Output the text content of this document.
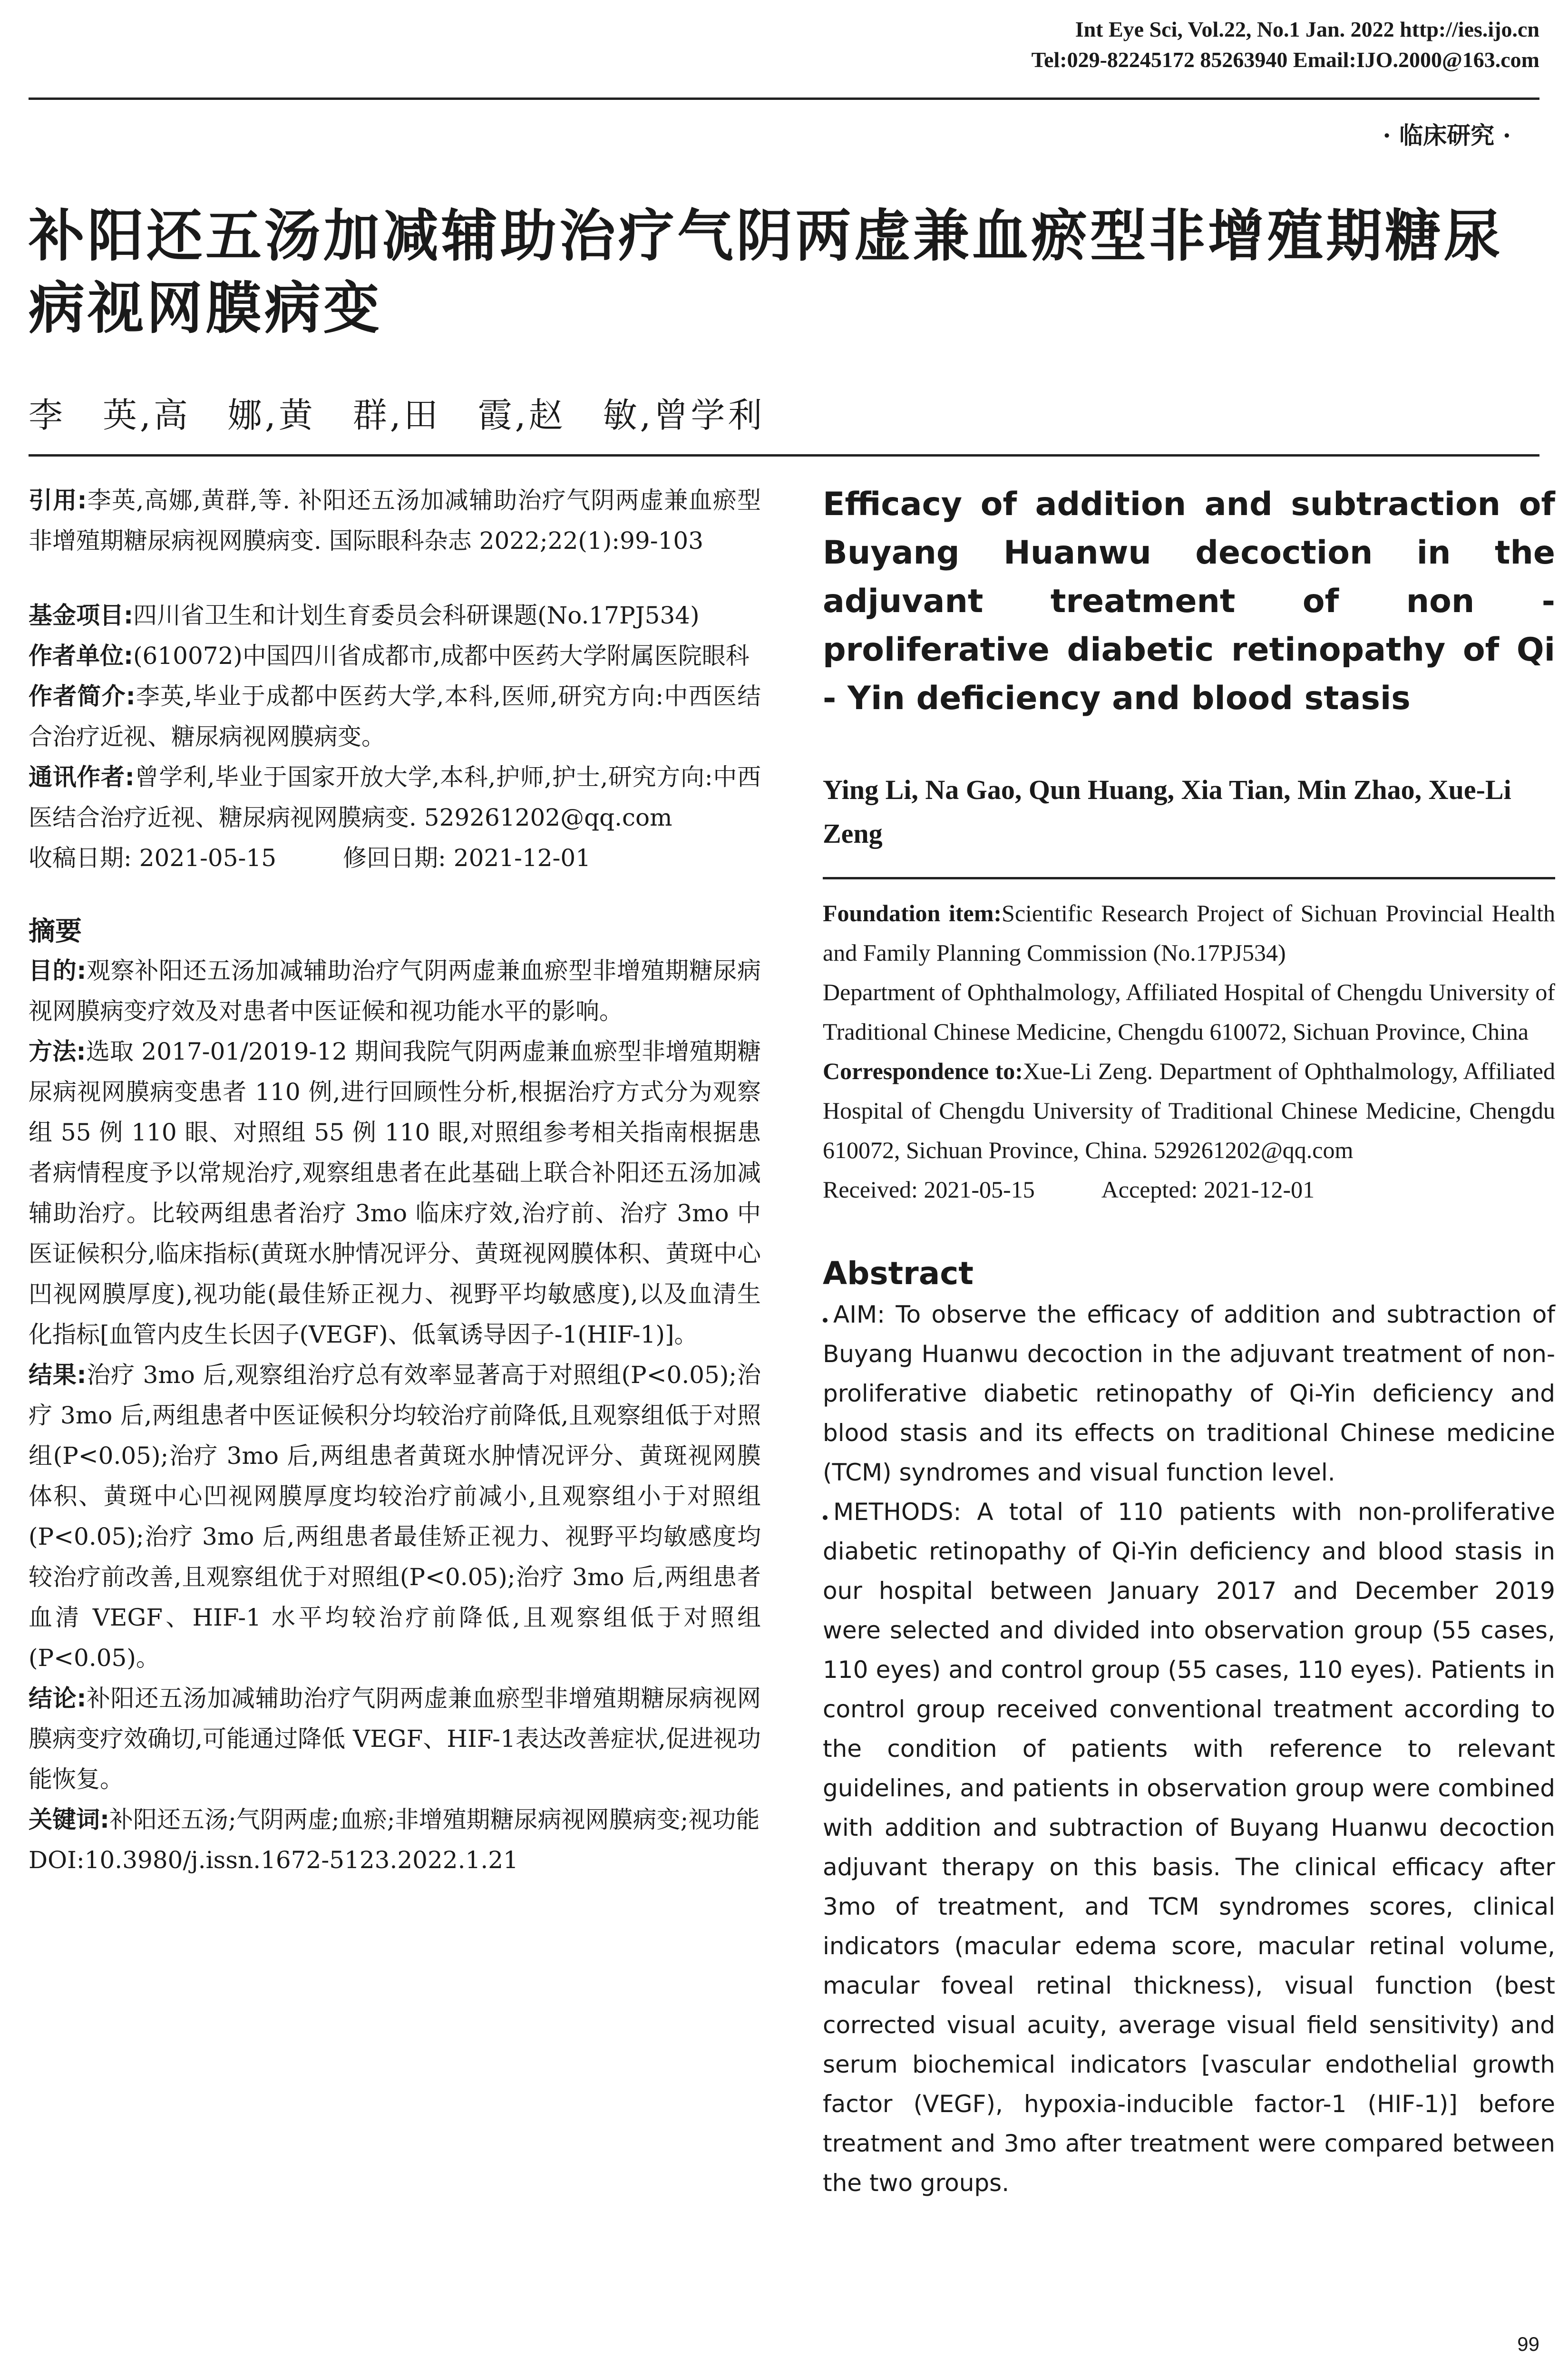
Int Eye Sci, Vol.22, No.1 Jan. 2022 http://ies.ijo.cn
Tel:029-82245172 85263940 Email:IJO.2000@163.com
· 临床研究 ·
补阳还五汤加减辅助治疗气阴两虚兼血瘀型非增殖期糖尿病视网膜病变
李　英,高　娜,黄　群,田　霞,赵　敏,曾学利

引用:李英,高娜,黄群,等. 补阳还五汤加减辅助治疗气阴两虚兼血瘀型非增殖期糖尿病视网膜病变. 国际眼科杂志 2022;22(1):99-103

基金项目:四川省卫生和计划生育委员会科研课题(No.17PJ534)

作者单位:(610072)中国四川省成都市,成都中医药大学附属医院眼科

作者简介:李英,毕业于成都中医药大学,本科,医师,研究方向:中西医结合治疗近视、糖尿病视网膜病变。

通讯作者:曾学利,毕业于国家开放大学,本科,护师,护士,研究方向:中西医结合治疗近视、糖尿病视网膜病变. 529261202@qq.com

收稿日期: 2021-05-15	修回日期: 2021-12-01
摘要

目的:观察补阳还五汤加减辅助治疗气阴两虚兼血瘀型非增殖期糖尿病视网膜病变疗效及对患者中医证候和视功能水平的影响。

方法:选取 2017-01/2019-12 期间我院气阴两虚兼血瘀型非增殖期糖尿病视网膜病变患者 110 例,进行回顾性分析,根据治疗方式分为观察组 55 例 110 眼、对照组 55 例 110 眼,对照组参考相关指南根据患者病情程度予以常规治疗,观察组患者在此基础上联合补阳还五汤加减辅助治疗。比较两组患者治疗 3mo 临床疗效,治疗前、治疗 3mo 中医证候积分,临床指标(黄斑水肿情况评分、黄斑视网膜体积、黄斑中心凹视网膜厚度),视功能(最佳矫正视力、视野平均敏感度),以及血清生化指标[血管内皮生长因子(VEGF)、低氧诱导因子-1(HIF-1)]。

结果:治疗 3mo 后,观察组治疗总有效率显著高于对照组(P<0.05);治疗 3mo 后,两组患者中医证候积分均较治疗前降低,且观察组低于对照组(P<0.05);治疗 3mo 后,两组患者黄斑水肿情况评分、黄斑视网膜体积、黄斑中心凹视网膜厚度均较治疗前减小,且观察组小于对照组(P<0.05);治疗 3mo 后,两组患者最佳矫正视力、视野平均敏感度均较治疗前改善,且观察组优于对照组(P<0.05);治疗 3mo 后,两组患者血清 VEGF、HIF-1 水平均较治疗前降低,且观察组低于对照组(P<0.05)。

结论:补阳还五汤加减辅助治疗气阴两虚兼血瘀型非增殖期糖尿病视网膜病变疗效确切,可能通过降低 VEGF、HIF-1表达改善症状,促进视功能恢复。

关键词:补阳还五汤;气阴两虚;血瘀;非增殖期糖尿病视网膜病变;视功能

DOI:10.3980/j.issn.1672-5123.2022.1.21

Efficacy of addition and subtraction of Buyang Huanwu decoction in the adjuvant treatment of non - proliferative diabetic retinopathy of Qi - Yin deficiency and blood stasis
Ying Li, Na Gao, Qun Huang, Xia Tian, Min Zhao, Xue-Li Zeng
Foundation item:Scientific Research Project of Sichuan Provincial Health and Family Planning Commission (No.17PJ534)
Department of Ophthalmology, Affiliated Hospital of Chengdu University of Traditional Chinese Medicine, Chengdu 610072, Sichuan Province, China
Correspondence to:Xue-Li Zeng. Department of Ophthalmology, Affiliated Hospital of Chengdu University of Traditional Chinese Medicine, Chengdu 610072, Sichuan Province, China. 529261202@qq.com
Received: 2021-05-15	Accepted: 2021-12-01
Abstract
AIM: To observe the efficacy of addition and subtraction of Buyang Huanwu decoction in the adjuvant treatment of non-proliferative diabetic retinopathy of Qi-Yin deficiency and blood stasis and its effects on traditional Chinese medicine (TCM) syndromes and visual function level.
METHODS: A total of 110 patients with non-proliferative diabetic retinopathy of Qi-Yin deficiency and blood stasis in our hospital between January 2017 and December 2019 were selected and divided into observation group (55 cases, 110 eyes) and control group (55 cases, 110 eyes). Patients in control group received conventional treatment according to the condition of patients with reference to relevant guidelines, and patients in observation group were combined with addition and subtraction of Buyang Huanwu decoction adjuvant therapy on this basis. The clinical efficacy after 3mo of treatment, and TCM syndromes scores, clinical indicators (macular edema score, macular retinal volume, macular foveal retinal thickness), visual function (best corrected visual acuity, average visual field sensitivity) and serum biochemical indicators [vascular endothelial growth factor (VEGF), hypoxia-inducible factor-1 (HIF-1)] before treatment and 3mo after treatment were compared between the two groups.
99
